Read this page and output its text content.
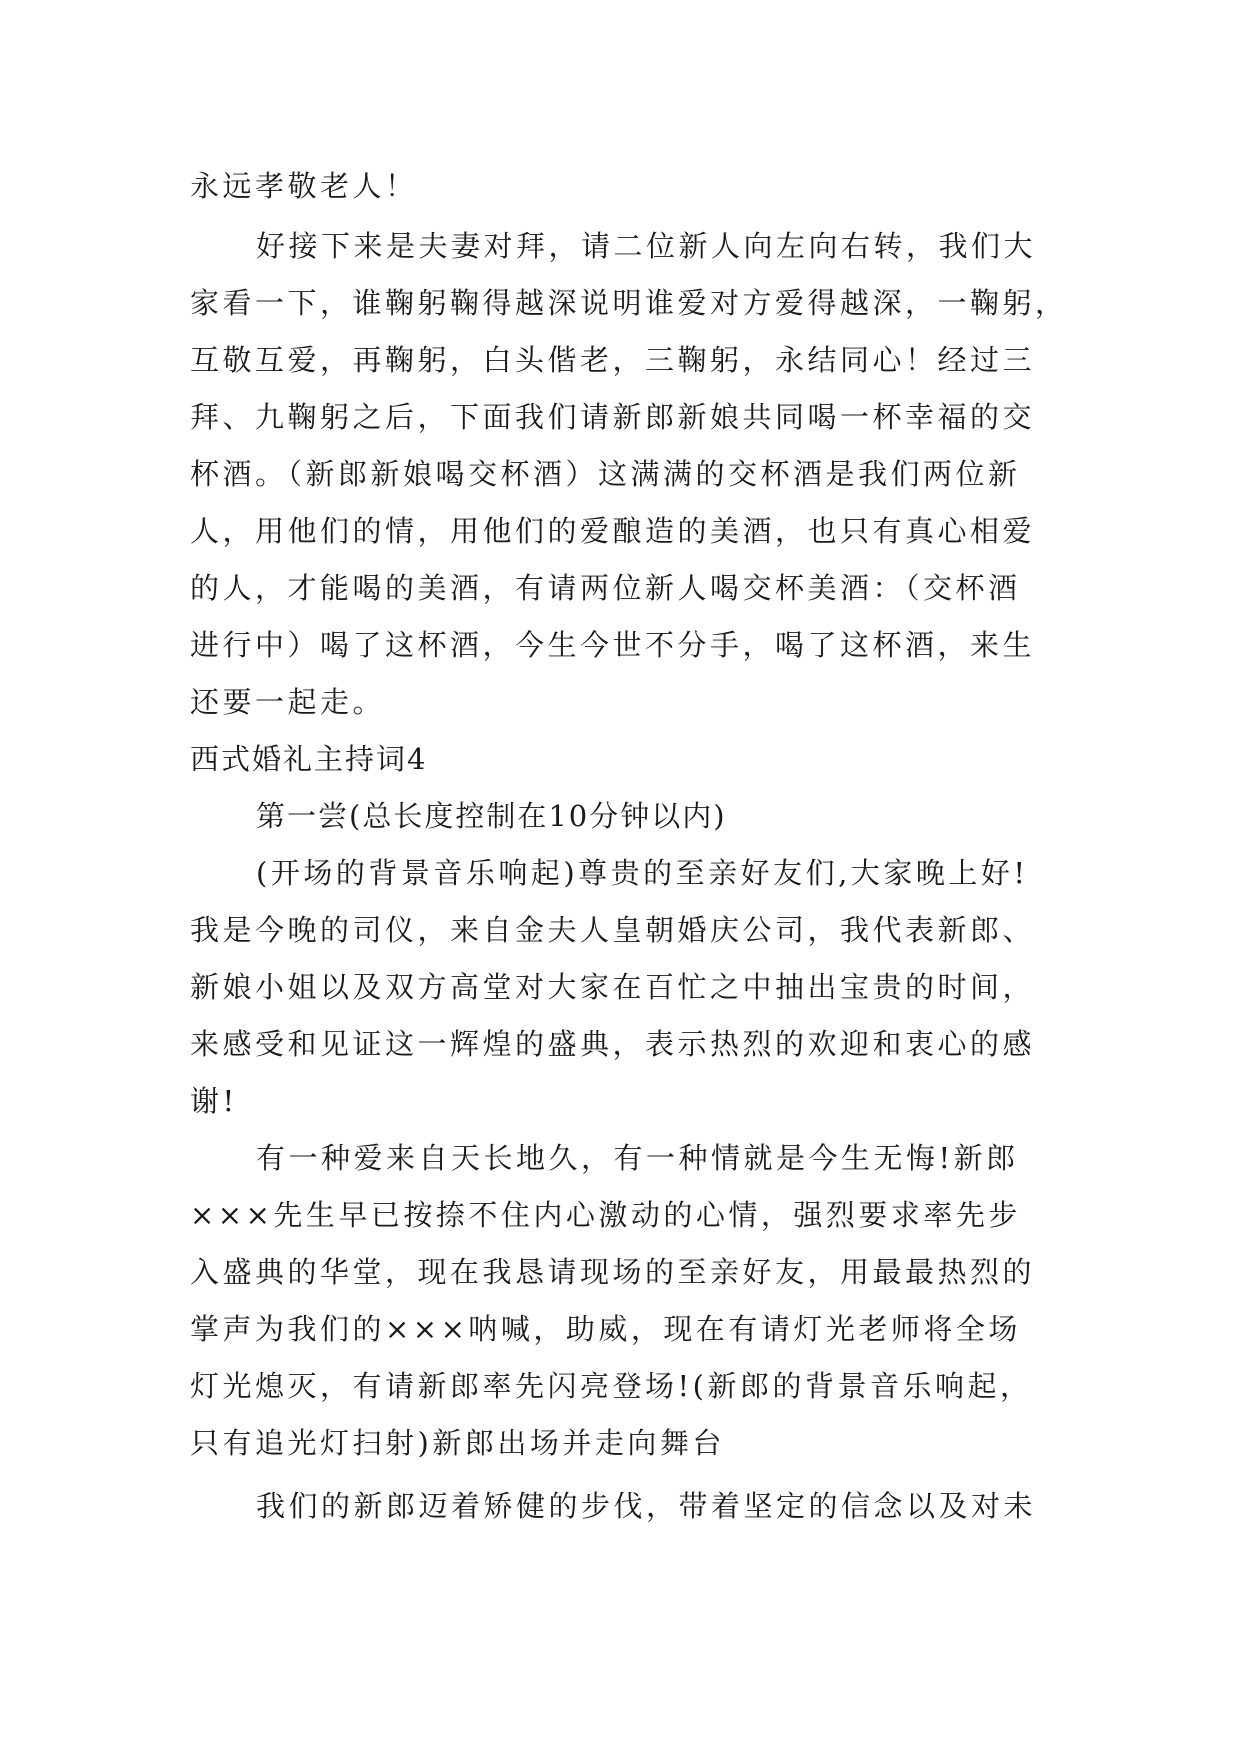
永远孝敬老人！
好接下来是夫妻对拜，请二位新人向左向右转，我们大
家看一下，谁鞠躬鞠得越深说明谁爱对方爱得越深，一鞠躬，
互敬互爱，再鞠躬，白头偕老，三鞠躬，永结同心！经过三
拜、九鞠躬之后，下面我们请新郎新娘共同喝一杯幸福的交
杯酒。（新郎新娘喝交杯酒）这满满的交杯酒是我们两位新
人，用他们的情，用他们的爱酿造的美酒，也只有真心相爱
的人，才能喝的美酒，有请两位新人喝交杯美酒：（交杯酒
进行中）喝了这杯酒，今生今世不分手，喝了这杯酒，来生
还要一起走。
西式婚礼主持词4
第一尝(总长度控制在10分钟以内)
(开场的背景音乐响起)尊贵的至亲好友们,大家晚上好!
我是今晚的司仪，来自金夫人皇朝婚庆公司，我代表新郎、
新娘小姐以及双方高堂对大家在百忙之中抽出宝贵的时间，
来感受和见证这一辉煌的盛典，表示热烈的欢迎和衷心的感
谢!
有一种爱来自天长地久，有一种情就是今生无悔!新郎
×××先生早已按捺不住内心激动的心情，强烈要求率先步
入盛典的华堂，现在我恳请现场的至亲好友，用最最热烈的
掌声为我们的×××呐喊，助威，现在有请灯光老师将全场
灯光熄灭，有请新郎率先闪亮登场!(新郎的背景音乐响起，
只有追光灯扫射)新郎出场并走向舞台
我们的新郎迈着矫健的步伐，带着坚定的信念以及对未
